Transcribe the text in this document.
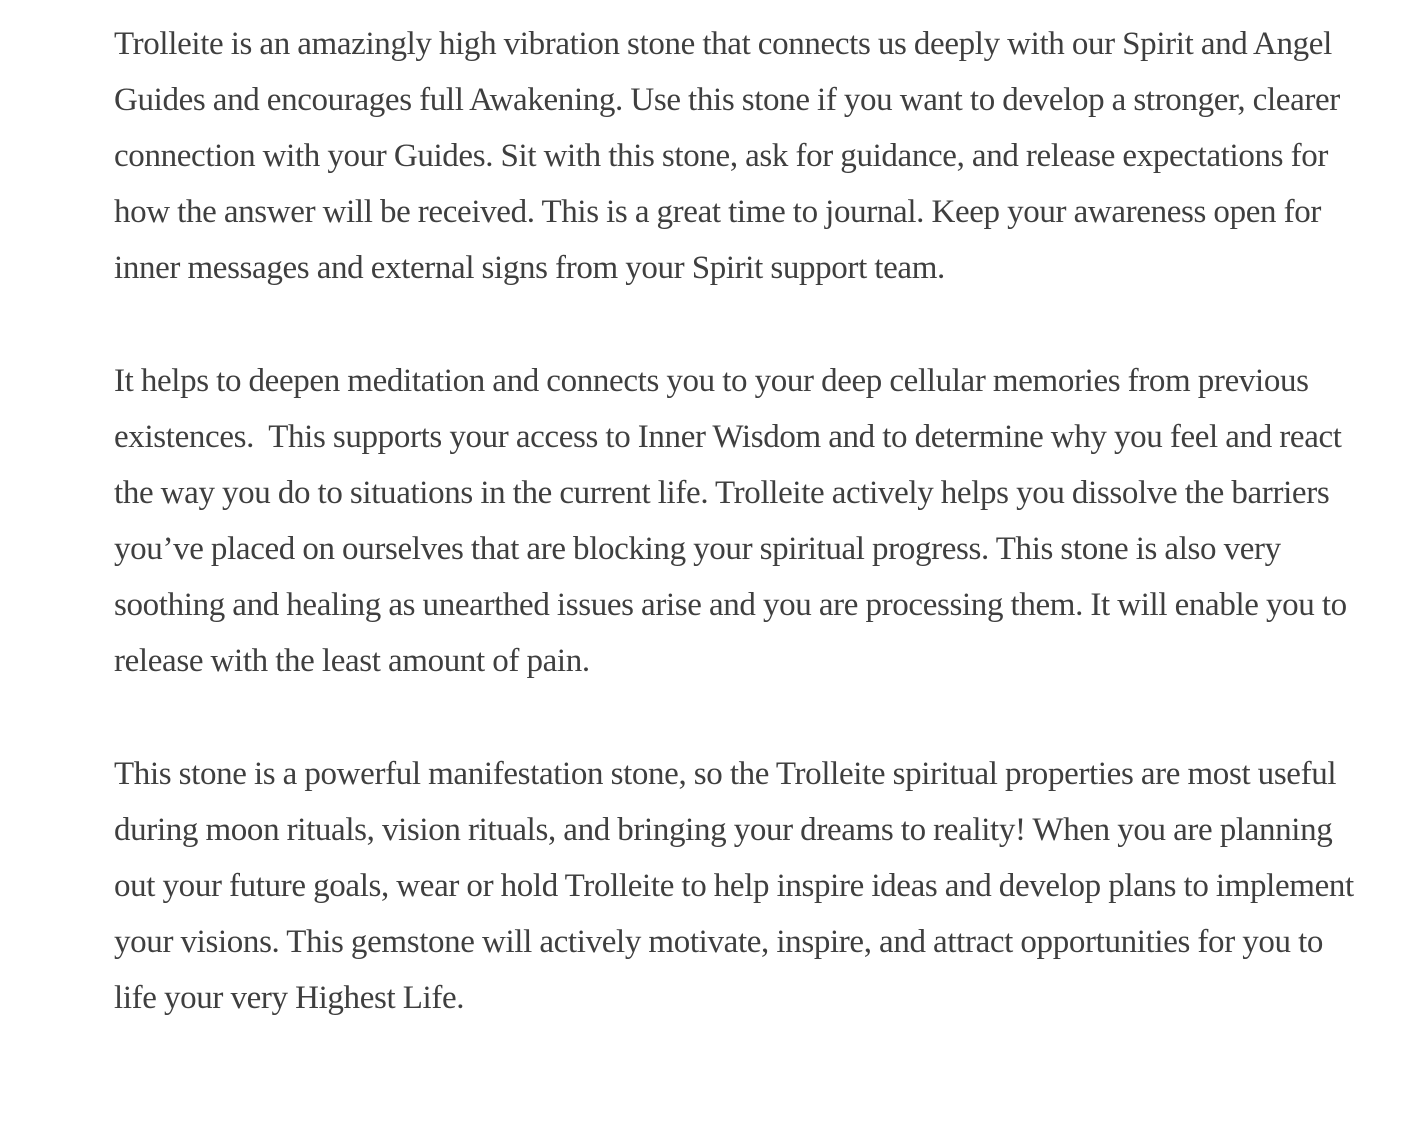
Trolleite is an amazingly high vibration stone that connects us deeply with our Spirit and Angel Guides and encourages full Awakening. Use this stone if you want to develop a stronger, clearer connection with your Guides. Sit with this stone, ask for guidance, and release expectations for how the answer will be received. This is a great time to journal. Keep your awareness open for inner messages and external signs from your Spirit support team.

It helps to deepen meditation and connects you to your deep cellular memories from previous existences.  This supports your access to Inner Wisdom and to determine why you feel and react the way you do to situations in the current life. Trolleite actively helps you dissolve the barriers you’ve placed on ourselves that are blocking your spiritual progress. This stone is also very soothing and healing as unearthed issues arise and you are processing them. It will enable you to release with the least amount of pain.

This stone is a powerful manifestation stone, so the Trolleite spiritual properties are most useful during moon rituals, vision rituals, and bringing your dreams to reality! When you are planning out your future goals, wear or hold Trolleite to help inspire ideas and develop plans to implement your visions. This gemstone will actively motivate, inspire, and attract opportunities for you to life your very Highest Life.
